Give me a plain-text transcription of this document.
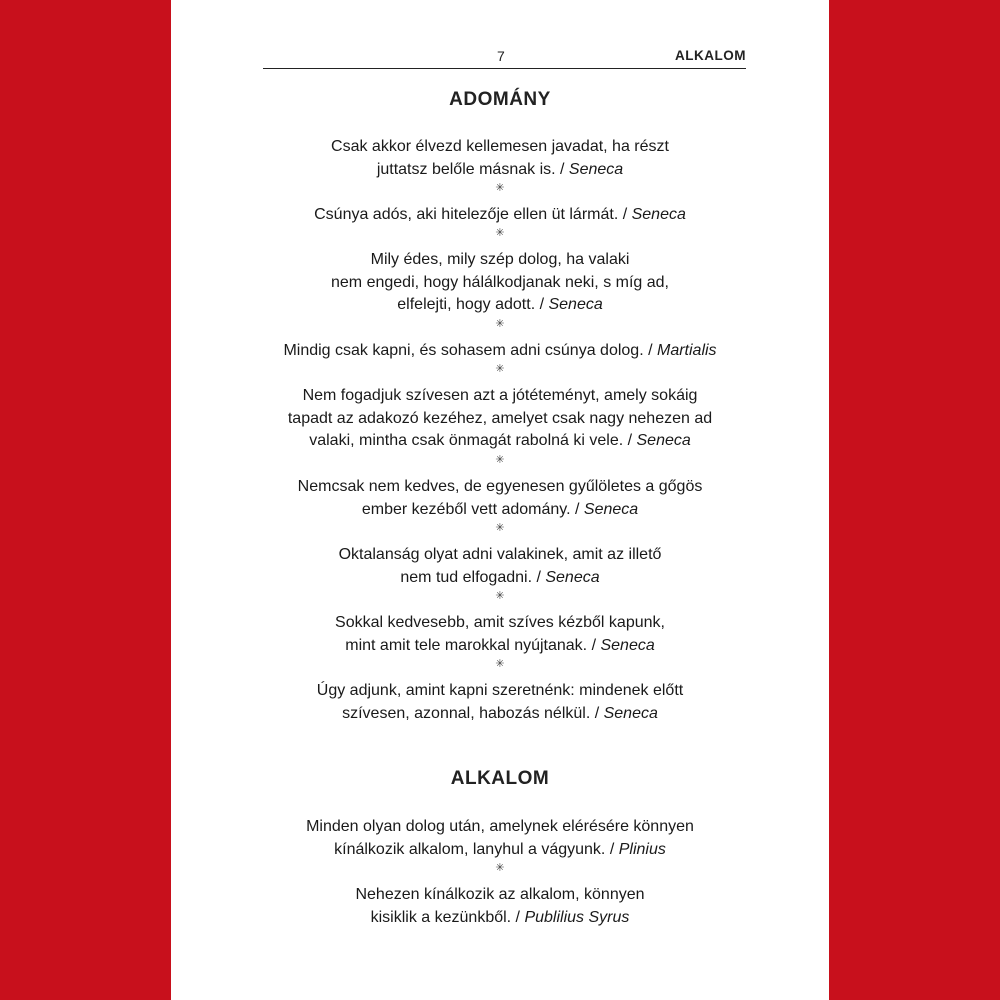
7	ALKALOM
ADOMÁNY
Csak akkor élvezd kellemesen javadat, ha részt
juttatsz belőle másnak is. / Seneca
Csúnya adós, aki hitelezője ellen üt lármát. / Seneca
Mily édes, mily szép dolog, ha valaki
nem engedi, hogy hálálkodjanak neki, s míg ad,
elfelejti, hogy adott. / Seneca
Mindig csak kapni, és sohasem adni csúnya dolog. / Martialis
Nem fogadjuk szívesen azt a jótéteményt, amely sokáig
tapadt az adakozó kezéhez, amelyet csak nagy nehezen ad
valaki, mintha csak önmagát rabolná ki vele. / Seneca
Nemcsak nem kedves, de egyenesen gyűlöletes a gőgös
ember kezéből vett adomány. / Seneca
Oktalanság olyat adni valakinek, amit az illető
nem tud elfogadni. / Seneca
Sokkal kedvesebb, amit szíves kézből kapunk,
mint amit tele marokkal nyújtanak. / Seneca
Úgy adjunk, amint kapni szeretnénk: mindenek előtt
szívesen, azonnal, habozás nélkül. / Seneca
✳
✳
✳
✳
✳
✳
✳
✳
ALKALOM
Minden olyan dolog után, amelynek elérésére könnyen
kínálkozik alkalom, lanyhul a vágyunk. / Plinius
Nehezen kínálkozik az alkalom, könnyen
kisiklik a kezünkből. / Publilius Syrus
✳
